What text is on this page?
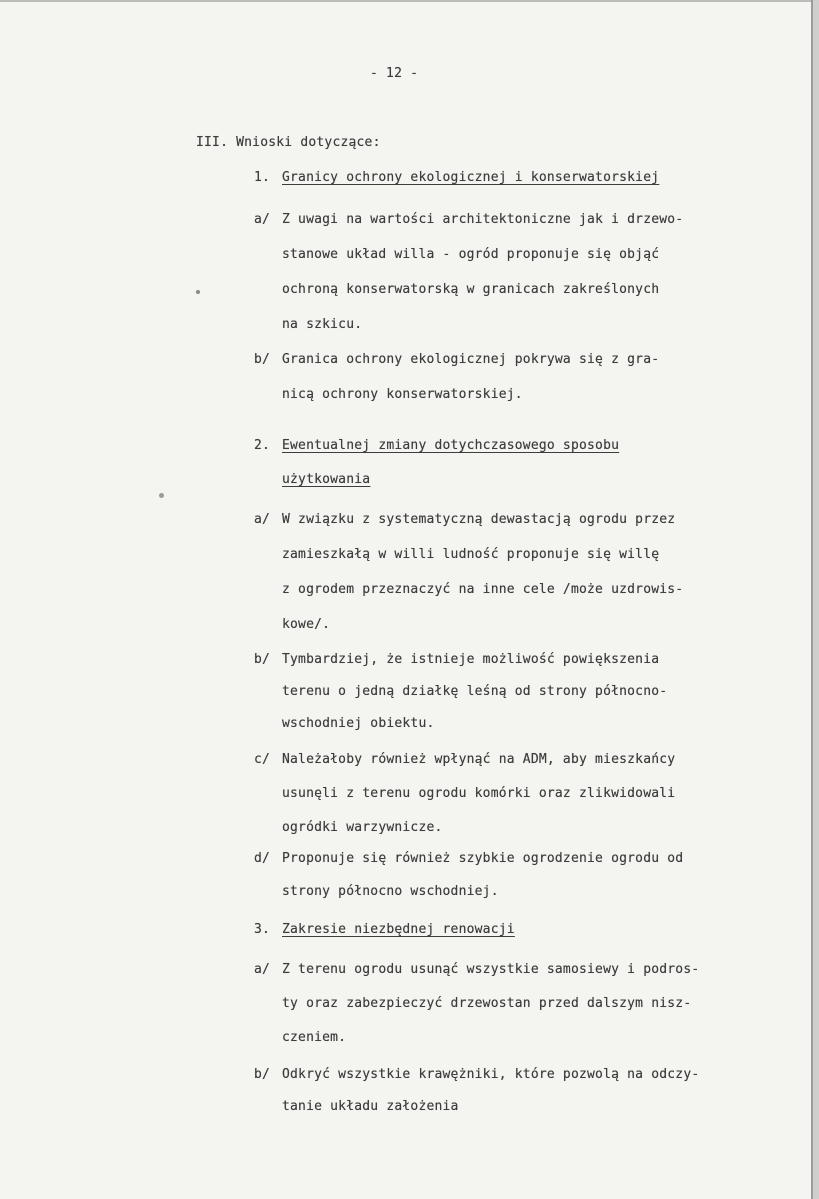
- 12 -
III. Wnioski dotyczące:
1. Granicy ochrony ekologicznej i konserwatorskiej
a/ Z uwagi na wartości architektoniczne jak i drzewo-
stanowe układ willa - ogród proponuje się objąć
ochroną konserwatorską w granicach zakreślonych
na szkicu.
b/ Granica ochrony ekologicznej pokrywa się z gra-
nicą ochrony konserwatorskiej.
2. Ewentualnej zmiany dotychczasowego sposobu
użytkowania
a/ W związku z systematyczną dewastacją ogrodu przez
zamieszkałą w willi ludność proponuje się willę
z ogrodem przeznaczyć na inne cele /może uzdrowis-
kowe/.
b/ Tymbardziej, że istnieje możliwość powiększenia
terenu o jedną działkę leśną od strony północno-
wschodniej obiektu.
c/ Należałoby również wpłynąć na ADM, aby mieszkańcy
usunęli z terenu ogrodu komórki oraz zlikwidowali
ogródki warzywnicze.
d/ Proponuje się również szybkie ogrodzenie ogrodu od
strony północno wschodniej.
3. Zakresie niezbędnej renowacji
a/ Z terenu ogrodu usunąć wszystkie samosiewy i podros-
ty oraz zabezpieczyć drzewostan przed dalszym nisz-
czeniem.
b/ Odkryć wszystkie krawężniki, które pozwolą na odczy-
tanie układu założenia
